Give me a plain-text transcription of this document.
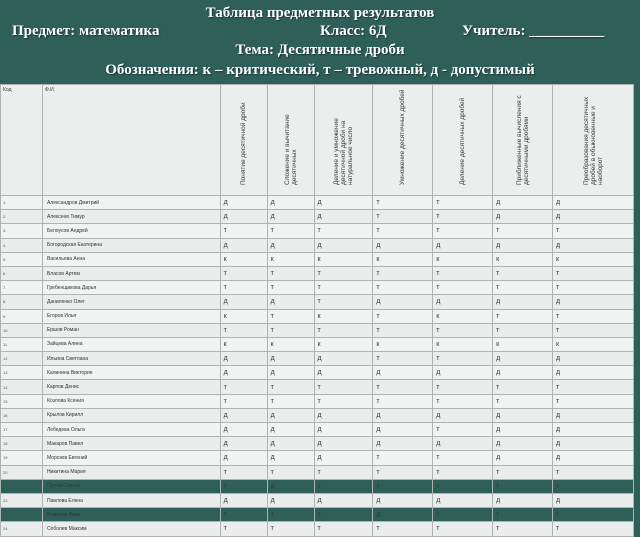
Таблица предметных результатов
Предмет: математика	Класс: 6Д	Учитель: __________
Тема: Десятичные дроби
Обозначения: к – критический, т – тревожный, д - допустимый
Код	Ф.И.	Понятие десятичной дроби	Сложение и вычитание десятичных	Деление и умножение десятичной дроби на натуральное число	Умножение десятичных дробей	Деление десятичных дробей	Приближенные вычисления с десятичными дробями	Преобразования десятичных дробей в обыкновенные и наоборот

1.	Александров Дмитрий	д	д	д	т	т	д	д
2.	Алексеев Тимур	д	д	д	т	т	д	д
3.	Белоусов Андрей	т	т	т	т	т	т	т
4.	Богородская Екатерина	д	д	д	д	д	д	д
5.	Васильева Анна	к	к	к	к	к	к	к
6.	Власов Артем	т	т	т	т	т	т	т
7.	Гребенщикова Дарья	т	т	т	т	т	т	т
8.	Даниленко Олег	д	д	т	д	д	д	д
9.	Егоров Илья	к	т	к	т	к	т	т
10.	Ершов Роман	т	т	т	т	т	т	т
11.	Зайцева Алина	к	к	к	к	к	к	к
12.	Ильина Светлана	д	д	д	т	т	д	д
13.	Калинина Виктория	д	д	д	д	д	д	д
14.	Карпов Денис	т	т	т	т	т	т	т
15.	Козлова Ксения	т	т	т	т	т	т	т
16.	Крылов Кирилл	д	д	д	д	д	д	д
17.	Лебедева Ольга	д	д	д	д	т	д	д
18.	Макаров Павел	д	д	д	д	д	д	д
19.	Морозов Евгений	д	д	д	т	т	д	д
20.	Никитина Мария	т	т	т	т	т	т	т
21.	Орлов Сергей	т	д	т	т	т	т	т
22.	Павлова Елена	д	д	д	д	д	д	д
23.	Романов Иван	т	т	т	д	т	т	т
24.	Соболев Максим	т	т	т	т	т	т	т
